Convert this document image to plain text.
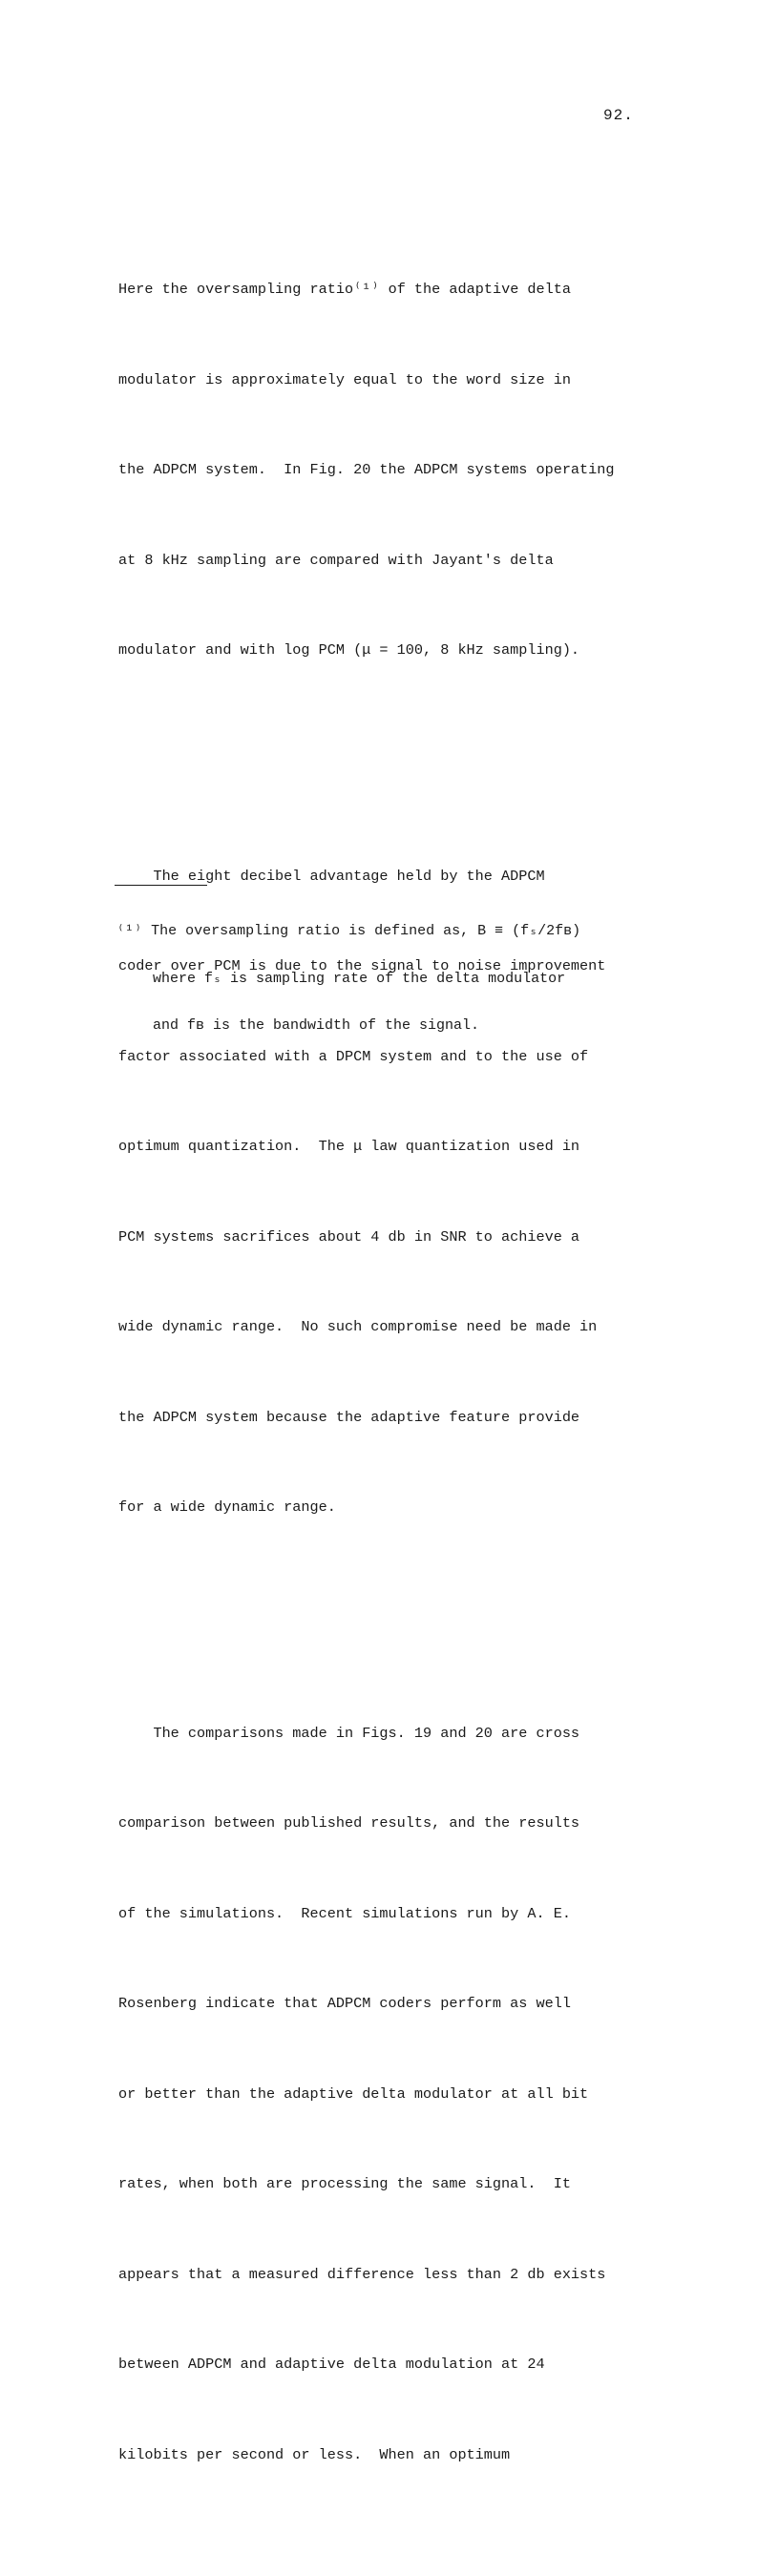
92.

Here the oversampling ratio⁽¹⁾ of the adaptive delta

modulator is approximately equal to the word size in

the ADPCM system.  In Fig. 20 the ADPCM systems operating

at 8 kHz sampling are compared with Jayant's delta

modulator and with log PCM (μ = 100, 8 kHz sampling).

The eight decibel advantage held by the ADPCM

coder over PCM is due to the signal to noise improvement

factor associated with a DPCM system and to the use of

optimum quantization.  The μ law quantization used in

PCM systems sacrifices about 4 db in SNR to achieve a

wide dynamic range.  No such compromise need be made in

the ADPCM system because the adaptive feature provide

for a wide dynamic range.

The comparisons made in Figs. 19 and 20 are cross

comparison between published results, and the results

of the simulations.  Recent simulations run by A. E.

Rosenberg indicate that ADPCM coders perform as well

or better than the adaptive delta modulator at all bit

rates, when both are processing the same signal.  It

appears that a measured difference less than 2 db exists

between ADPCM and adaptive delta modulation at 24

kilobits per second or less.  When an optimum

⁽¹⁾ The oversampling ratio is defined as, B ≡ (fₛ/2fʙ)

where fₛ is sampling rate of the delta modulator

and fʙ is the bandwidth of the signal.
